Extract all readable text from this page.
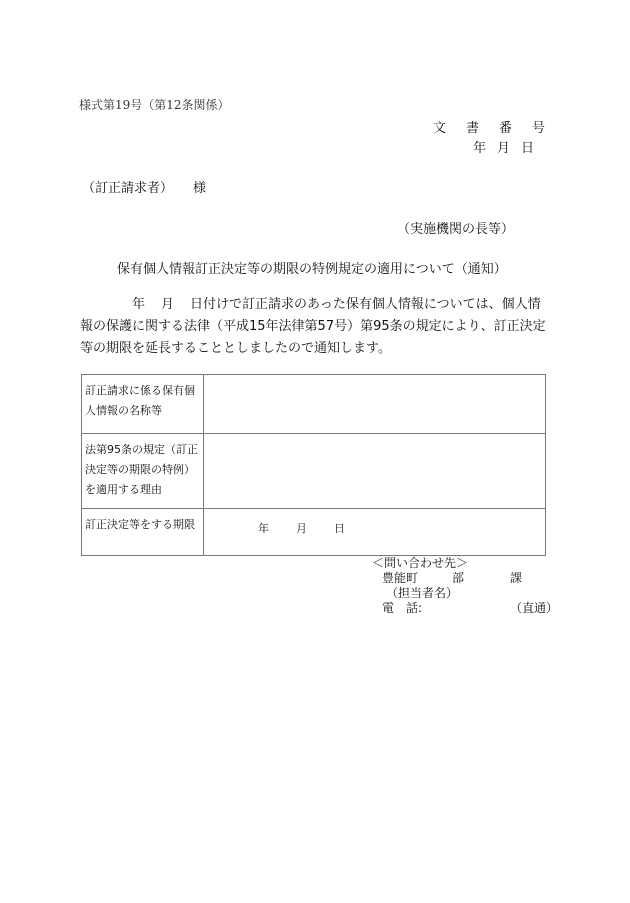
様式第19号（第12条関係）
文 書 番 号
年 月 日
（訂正請求者） 様
（実施機関の長等）
保有個人情報訂正決定等の期限の特例規定の適用について（通知）
年 月 日付けで訂正請求のあった保有個人情報については、個人情
報の保護に関する法律（平成15年法律第57号）第95条の規定により、訂正決定
等の期限を延長することとしましたので通知します。
訂正請求に係る保有個人情報の名称等	
法第95条の規定（訂正決定等の期限の特例）を適用する理由	
訂正決定等をする期限	年 月 日
＜問い合わせ先＞
豊能町	部	課
（担当者名）
電　話:	（直通）
